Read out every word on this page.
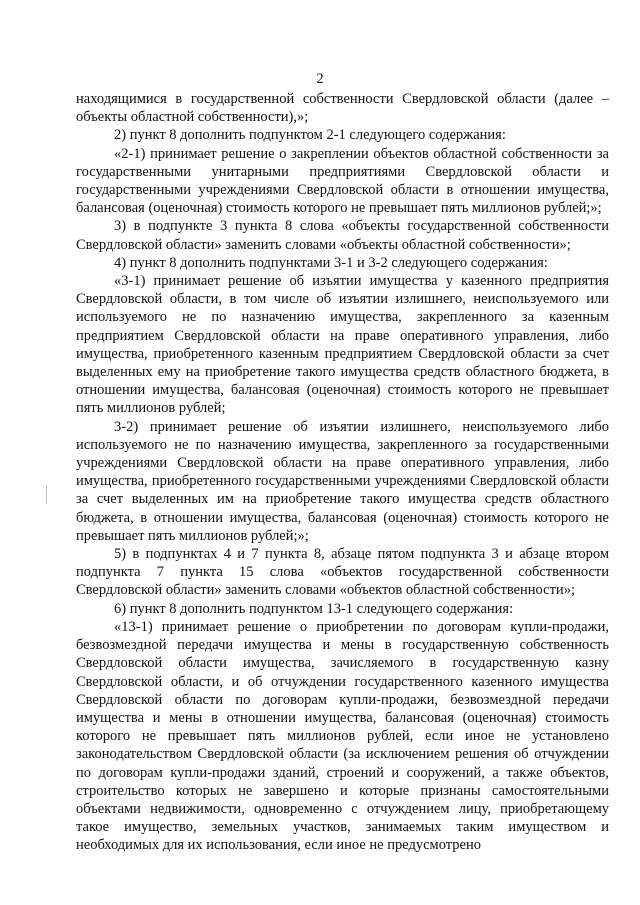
2

находящимися в государственной собственности Свердловской области (далее – объекты областной собственности),»;

2) пункт 8 дополнить подпунктом 2-1 следующего содержания:

«2-1) принимает решение о закреплении объектов областной собственности за государственными унитарными предприятиями Свердловской области и государственными учреждениями Свердловской области в отношении имущества, балансовая (оценочная) стоимость которого не превышает пять миллионов рублей;»;

3) в подпункте 3 пункта 8 слова «объекты государственной собственности Свердловской области» заменить словами «объекты областной собственности»;

4) пункт 8 дополнить подпунктами 3-1 и 3-2 следующего содержания:

«3-1) принимает решение об изъятии имущества у казенного предприятия Свердловской области, в том числе об изъятии излишнего, неиспользуемого или используемого не по назначению имущества, закрепленного за казенным предприятием Свердловской области на праве оперативного управления, либо имущества, приобретенного казенным предприятием Свердловской области за счет выделенных ему на приобретение такого имущества средств областного бюджета, в отношении имущества, балансовая (оценочная) стоимость которого не превышает пять миллионов рублей;

3-2) принимает решение об изъятии излишнего, неиспользуемого либо используемого не по назначению имущества, закрепленного за государственными учреждениями Свердловской области на праве оперативного управления, либо имущества, приобретенного государственными учреждениями Свердловской области за счет выделенных им на приобретение такого имущества средств областного бюджета, в отношении имущества, балансовая (оценочная) стоимость которого не превышает пять миллионов рублей;»;

5) в подпунктах 4 и 7 пункта 8, абзаце пятом подпункта 3 и абзаце втором подпункта 7 пункта 15 слова «объектов государственной собственности Свердловской области» заменить словами «объектов областной собственности»;

6) пункт 8 дополнить подпунктом 13-1 следующего содержания:

«13-1) принимает решение о приобретении по договорам купли-продажи, безвозмездной передачи имущества и мены в государственную собственность Свердловской области имущества, зачисляемого в государственную казну Свердловской области, и об отчуждении государственного казенного имущества Свердловской области по договорам купли-продажи, безвозмездной передачи имущества и мены в отношении имущества, балансовая (оценочная) стоимость которого не превышает пять миллионов рублей, если иное не установлено законодательством Свердловской области (за исключением решения об отчуждении по договорам купли-продажи зданий, строений и сооружений, а также объектов, строительство которых не завершено и которые признаны самостоятельными объектами недвижимости, одновременно с отчуждением лицу, приобретающему такое имущество, земельных участков, занимаемых таким имуществом и необходимых для их использования, если иное не предусмотрено
